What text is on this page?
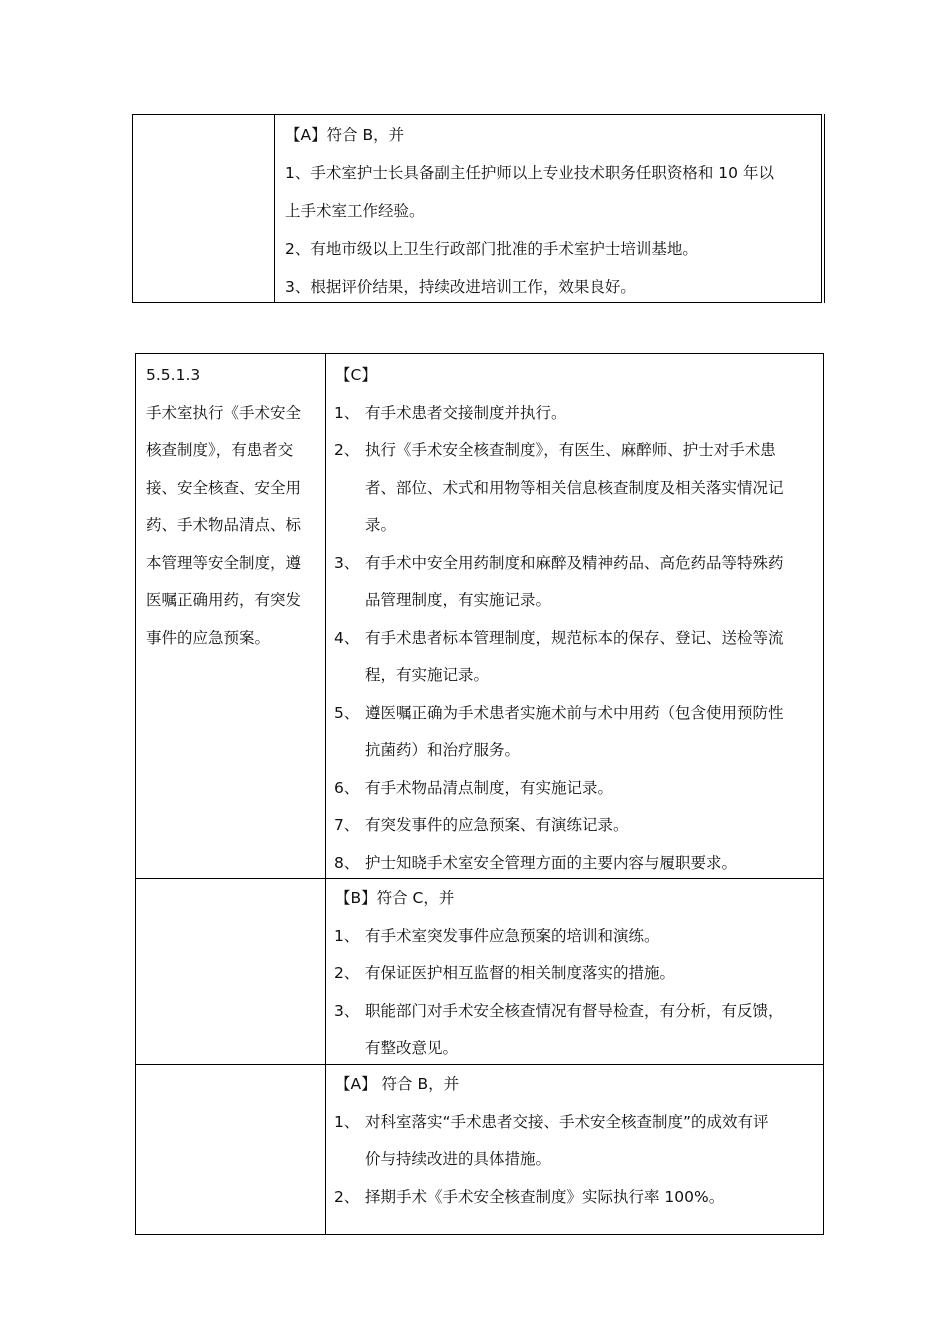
【A】符合 B，并
1、手术室护士长具备副主任护师以上专业技术职务任职资格和 10 年以
上手术室工作经验。
2、有地市级以上卫生行政部门批准的手术室护士培训基地。
3、根据评价结果，持续改进培训工作，效果良好。
5.5.1.3
手术室执行《手术安全
核查制度》，有患者交
接、安全核查、安全用
药、手术物品清点、标
本管理等安全制度，遵
医嘱正确用药，有突发
事件的应急预案。
【C】
1、 有手术患者交接制度并执行。
2、 执行《手术安全核查制度》，有医生、麻醉师、护士对手术患
者、部位、术式和用物等相关信息核查制度及相关落实情况记
录。
3、 有手术中安全用药制度和麻醉及精神药品、高危药品等特殊药
品管理制度，有实施记录。
4、 有手术患者标本管理制度，规范标本的保存、登记、送检等流
程，有实施记录。
5、 遵医嘱正确为手术患者实施术前与术中用药（包含使用预防性
抗菌药）和治疗服务。
6、 有手术物品清点制度，有实施记录。
7、 有突发事件的应急预案、有演练记录。
8、 护士知晓手术室安全管理方面的主要内容与履职要求。
【B】符合 C，并
1、 有手术室突发事件应急预案的培训和演练。
2、 有保证医护相互监督的相关制度落实的措施。
3、 职能部门对手术安全核查情况有督导检查，有分析，有反馈，
有整改意见。
【A】 符合 B，并
1、 对科室落实“手术患者交接、手术安全核查制度”的成效有评
价与持续改进的具体措施。
2、 择期手术《手术安全核查制度》实际执行率 100%。
